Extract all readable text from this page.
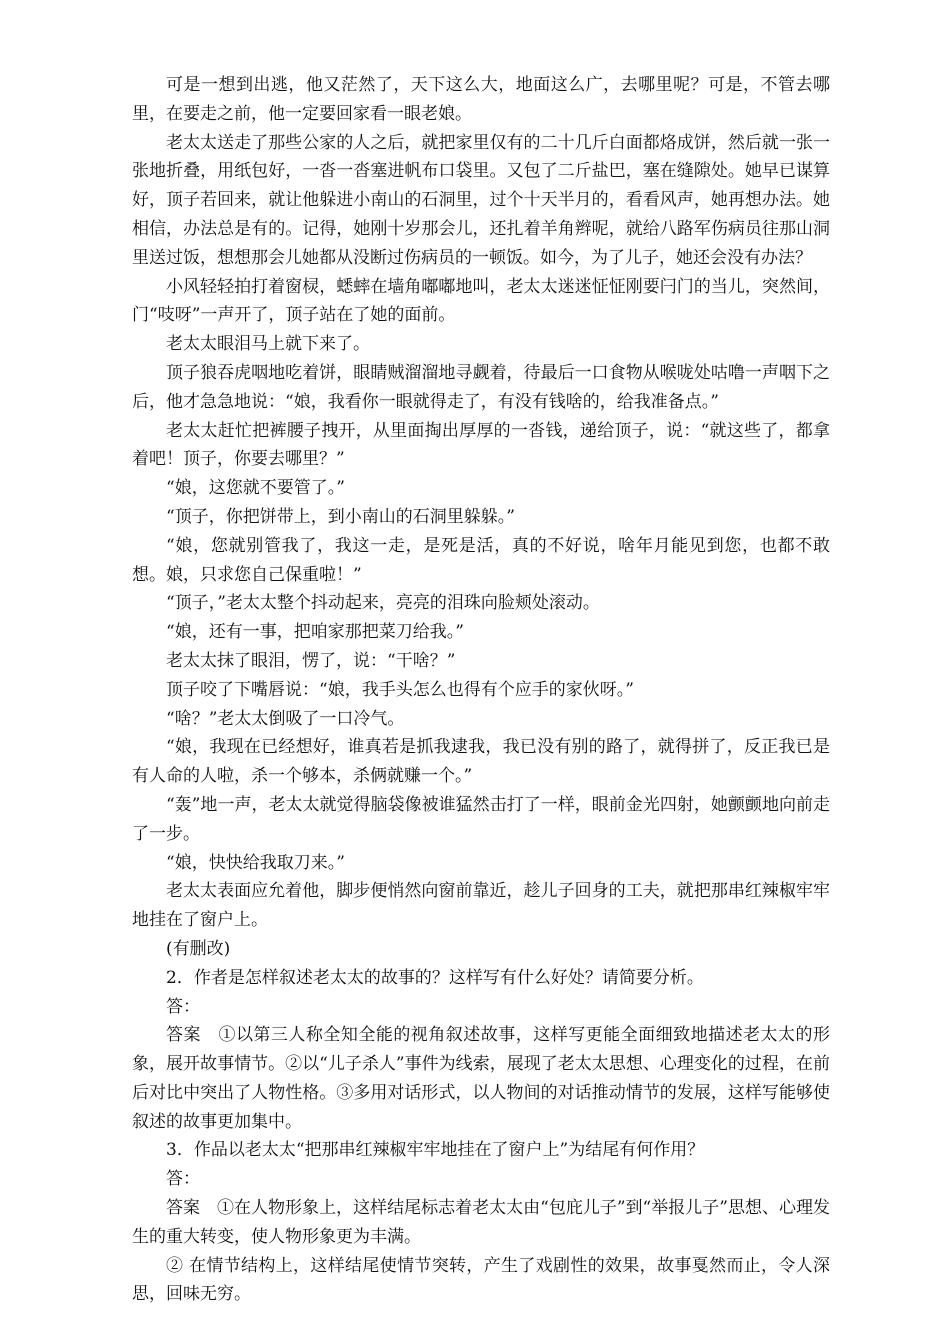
可是一想到出逃，他又茫然了，天下这么大，地面这么广，去哪里呢？可是，不管去哪里，在要走之前，他一定要回家看一眼老娘。

老太太送走了那些公家的人之后，就把家里仅有的二十几斤白面都烙成饼，然后就一张一张地折叠，用纸包好，一沓一沓塞进帆布口袋里。又包了二斤盐巴，塞在缝隙处。她早已谋算好，顶子若回来，就让他躲进小南山的石洞里，过个十天半月的，看看风声，她再想办法。她相信，办法总是有的。记得，她刚十岁那会儿，还扎着羊角辫呢，就给八路军伤病员往那山洞里送过饭，想想那会儿她都从没断过伤病员的一顿饭。如今，为了儿子，她还会没有办法？

小风轻轻拍打着窗棂，蟋蟀在墙角嘟嘟地叫，老太太迷迷怔怔刚要闩门的当儿，突然间，门“吱呀”一声开了，顶子站在了她的面前。

老太太眼泪马上就下来了。

顶子狼吞虎咽地吃着饼，眼睛贼溜溜地寻觑着，待最后一口食物从喉咙处咕噜一声咽下之后，他才急急地说：“娘，我看你一眼就得走了，有没有钱啥的，给我准备点。”

老太太赶忙把裤腰子拽开，从里面掏出厚厚的一沓钱，递给顶子，说：“就这些了，都拿着吧！顶子，你要去哪里？”

“娘，这您就不要管了。”

“顶子，你把饼带上，到小南山的石洞里躲躲。”

“娘，您就别管我了，我这一走，是死是活，真的不好说，啥年月能见到您，也都不敢想。娘，只求您自己保重啦！”

“顶子，”老太太整个抖动起来，亮亮的泪珠向脸颊处滚动。

“娘，还有一事，把咱家那把菜刀给我。”

老太太抹了眼泪，愣了，说：“干啥？”

顶子咬了下嘴唇说：“娘，我手头怎么也得有个应手的家伙呀。”

“啥？”老太太倒吸了一口冷气。

“娘，我现在已经想好，谁真若是抓我逮我，我已没有别的路了，就得拼了，反正我已是有人命的人啦，杀一个够本，杀俩就赚一个。”

“轰”地一声，老太太就觉得脑袋像被谁猛然击打了一样，眼前金光四射，她颤颤地向前走了一步。

“娘，快快给我取刀来。”

老太太表面应允着他，脚步便悄然向窗前靠近，趁儿子回身的工夫，就把那串红辣椒牢牢地挂在了窗户上。

(有删改)

2．作者是怎样叙述老太太的故事的？这样写有什么好处？请简要分析。

答：

答案　①以第三人称全知全能的视角叙述故事，这样写更能全面细致地描述老太太的形象，展开故事情节。②以“儿子杀人”事件为线索，展现了老太太思想、心理变化的过程，在前后对比中突出了人物性格。③多用对话形式，以人物间的对话推动情节的发展，这样写能够使叙述的故事更加集中。

3．作品以老太太“把那串红辣椒牢牢地挂在了窗户上”为结尾有何作用？

答：

答案　①在人物形象上，这样结尾标志着老太太由“包庇儿子”到“举报儿子”思想、心理发生的重大转变，使人物形象更为丰满。

② 在情节结构上，这样结尾使情节突转，产生了戏剧性的效果，故事戛然而止，令人深思，回味无穷。
